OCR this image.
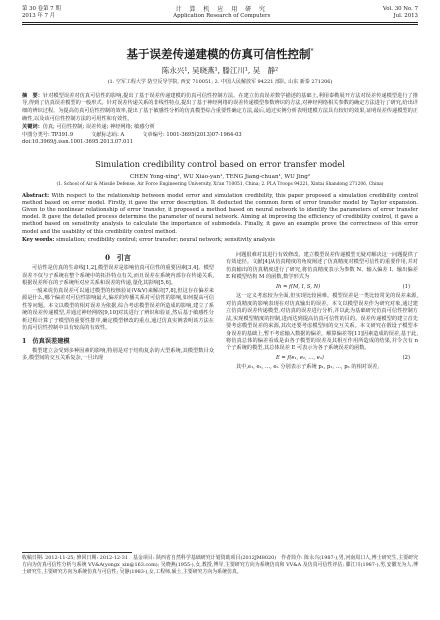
第 30 卷第 7 期
2013 年 7 月
计 算 机 应 用 研 究
Application Research of Computers
Vol. 30 No. 7
Jul. 2013
基于误差传递建模的仿真可信性控制*
陈永兴¹, 吴晓燕¹, 滕江川¹, 吴　静²
(1. 空军工程大学 防空反导学院, 西安 710051; 2. 中国人民解放军 94221 部队, 山东 新泰 271206)
摘　要：针对模型误差对仿真可信性的影响,提出了基于误差传递建模的仿真可信性控制方法。在建立仿真误差数学描述的基础上,利用泰勒展开方法对误差传递模型进行了推导,得到了仿真误差模型的一般形式。针对误差传递关系的非线性特点,提出了基于神经网络的误差传递模型参数辨识的方法,对神经网络相关参数的确定方法进行了研究,给出详细的辨识过程。为提高仿真可信性控制的效率,提出了基于敏感性分析的仿真模型综合重要性确定方法,最后,通过实例分析表明建模方法具有较好的效果,证明误差传递模型的正确性,以及该可信性控制方法的可用性和有效性。
关键词：仿真; 可信性控制; 误差传递; 神经网络; 敏感分析
中图分类号: TP391.9	文献标志码: A	文章编号: 1001-3695(2013)07-1964-03
doi:10.3969/j.issn.1001-3695.2013.07.011
Simulation credibility control based on error transfer model
CHEN Yong-xing¹, WU Xiao-yan¹, TENG Jiang-chuan¹, WU Jing²
(1. School of Air & Missile Defense, Air Force Engineering University, Xi'an 710051, China; 2. PLA Troops 94221, Xintai Shandong 271206, China)
Abstract: With respect to the relationship between model error and simulation credibility, this paper proposed a simulation credibility control method based on error model. Firstly, it gave the error description. It deducted the common form of error transfer model by Taylor expansion. Given to the nonlinear relationship of error transfer, it proposed a method based on neural network to identify the parameters of error transfer model. It gave the detailed process determine the parameter of neural network. Aiming at improving the efficiency of credibility control, it gave a method based on sensitivity analysis to calculate the importance of submodels. Finally, it gave an example prove the correctness of this error model and the usability of this credibility control method.
Key words: simulation; credibility control; error transfer; neural network; sensitivity analysis
0　引言

可信性是仿真的生命线[1,2],模型误差是影响仿真可信性的重要因素[3,4]。模型误差不仅与子系统在整个系统中的拓扑特点有关,而且误差在系统内部存在传递关系,根据误差所在的子系统所对应关系和误差的传递,量化其影响[5,6]。

一般来说仿真误差可以通过模型的校核验证(V&V)来解决[7,8],但这存在偏差来源是什么,哪个偏差对可信性影响最大,偏差的传播关系对可信性的影响,如何提高可信性等问题。本文以模型的相对误差为依据,综合考虑模型误差所造成的影响,建立了系统的误差传递模型,并通过神经网络[9,10]对其进行了辨识和验证,然后基于敏感性分析过程计算了子模型的重要性排序,确定模型修改的重点,通过仿真实例表明该方法在仿真可信性控制中具有较高的有效性。

1　仿真误差建模

模型建立会受到多种因素的影响,特别是对于结构复杂的大型系统,其模型数目众多,模型间的交互关系复杂,一旦出现

问题很难对其进行有效修改。建立模型误差传递模型无疑对解决这一问题提供了有效途径。文献[4]从仿真精度的角度阐述了仿真精度对模型可信性的重要作用,并对仿真输出的仿真精度进行了研究,将仿真精度表示为参数 N、输入偏差 I、输出偏差 E 和模型结构 M 的函数,数学形式为

Ih = f(M, I, S, N)	(1)

这一定义考虑较为全面,但实现比较困难。模型误差是一类比较常见的误差来源,对仿真精度的影响表现在对仿真输出的误差。本文以模型误差作为研究对象,通过建立仿真的误差传递模型,对仿真的误差进行分析,并以此为基础研究仿真可信性控制方法,实现模型精度的控制,进而达到提高仿真可信性的目的。误差传递模型的建立首先要考虑模型误差的来源,其次还要考虑模型间的交互关系。本文研究在假设子模型本身误差的基础上,暂不考虑输入数据的偏差。解算偏差等[11]因素造成的误差,基于此,将仿真总体的偏差看成是由各子模型的误差及其相互作用所造成的结果,并令含有 n 个子系统的模型,其总体误差 E 可表示为各子系统误差的函数。

E = f(e₁, e₂, …, eₙ)	(2)

其中,e₁, e₂, …, eₙ 分别表示子系统 p₁, p₂, …, pₙ 的相对误差,

收稿日期: 2012-11-25; 修回日期: 2012-12-31　基金项目: 陕西省自然科学基础研究计划资助项目(2012JM8020)　作者简介: 陈永兴(1987-),男,河南周口人,博士研究生,主要研究方向为仿真可信性分析与系统 VV&A(yongx_xin@163.com); 吴晓燕(1955-),女,教授,博导,主要研究方向为系统仿真和 VV&A 及仿真可信性评估; 滕江川(1987-),男,安徽无为人,博士研究生,主要研究方向为系统仿真与可信性; 吴静(1983-),女,工程师,硕士,主要研究方向为系统仿真。
